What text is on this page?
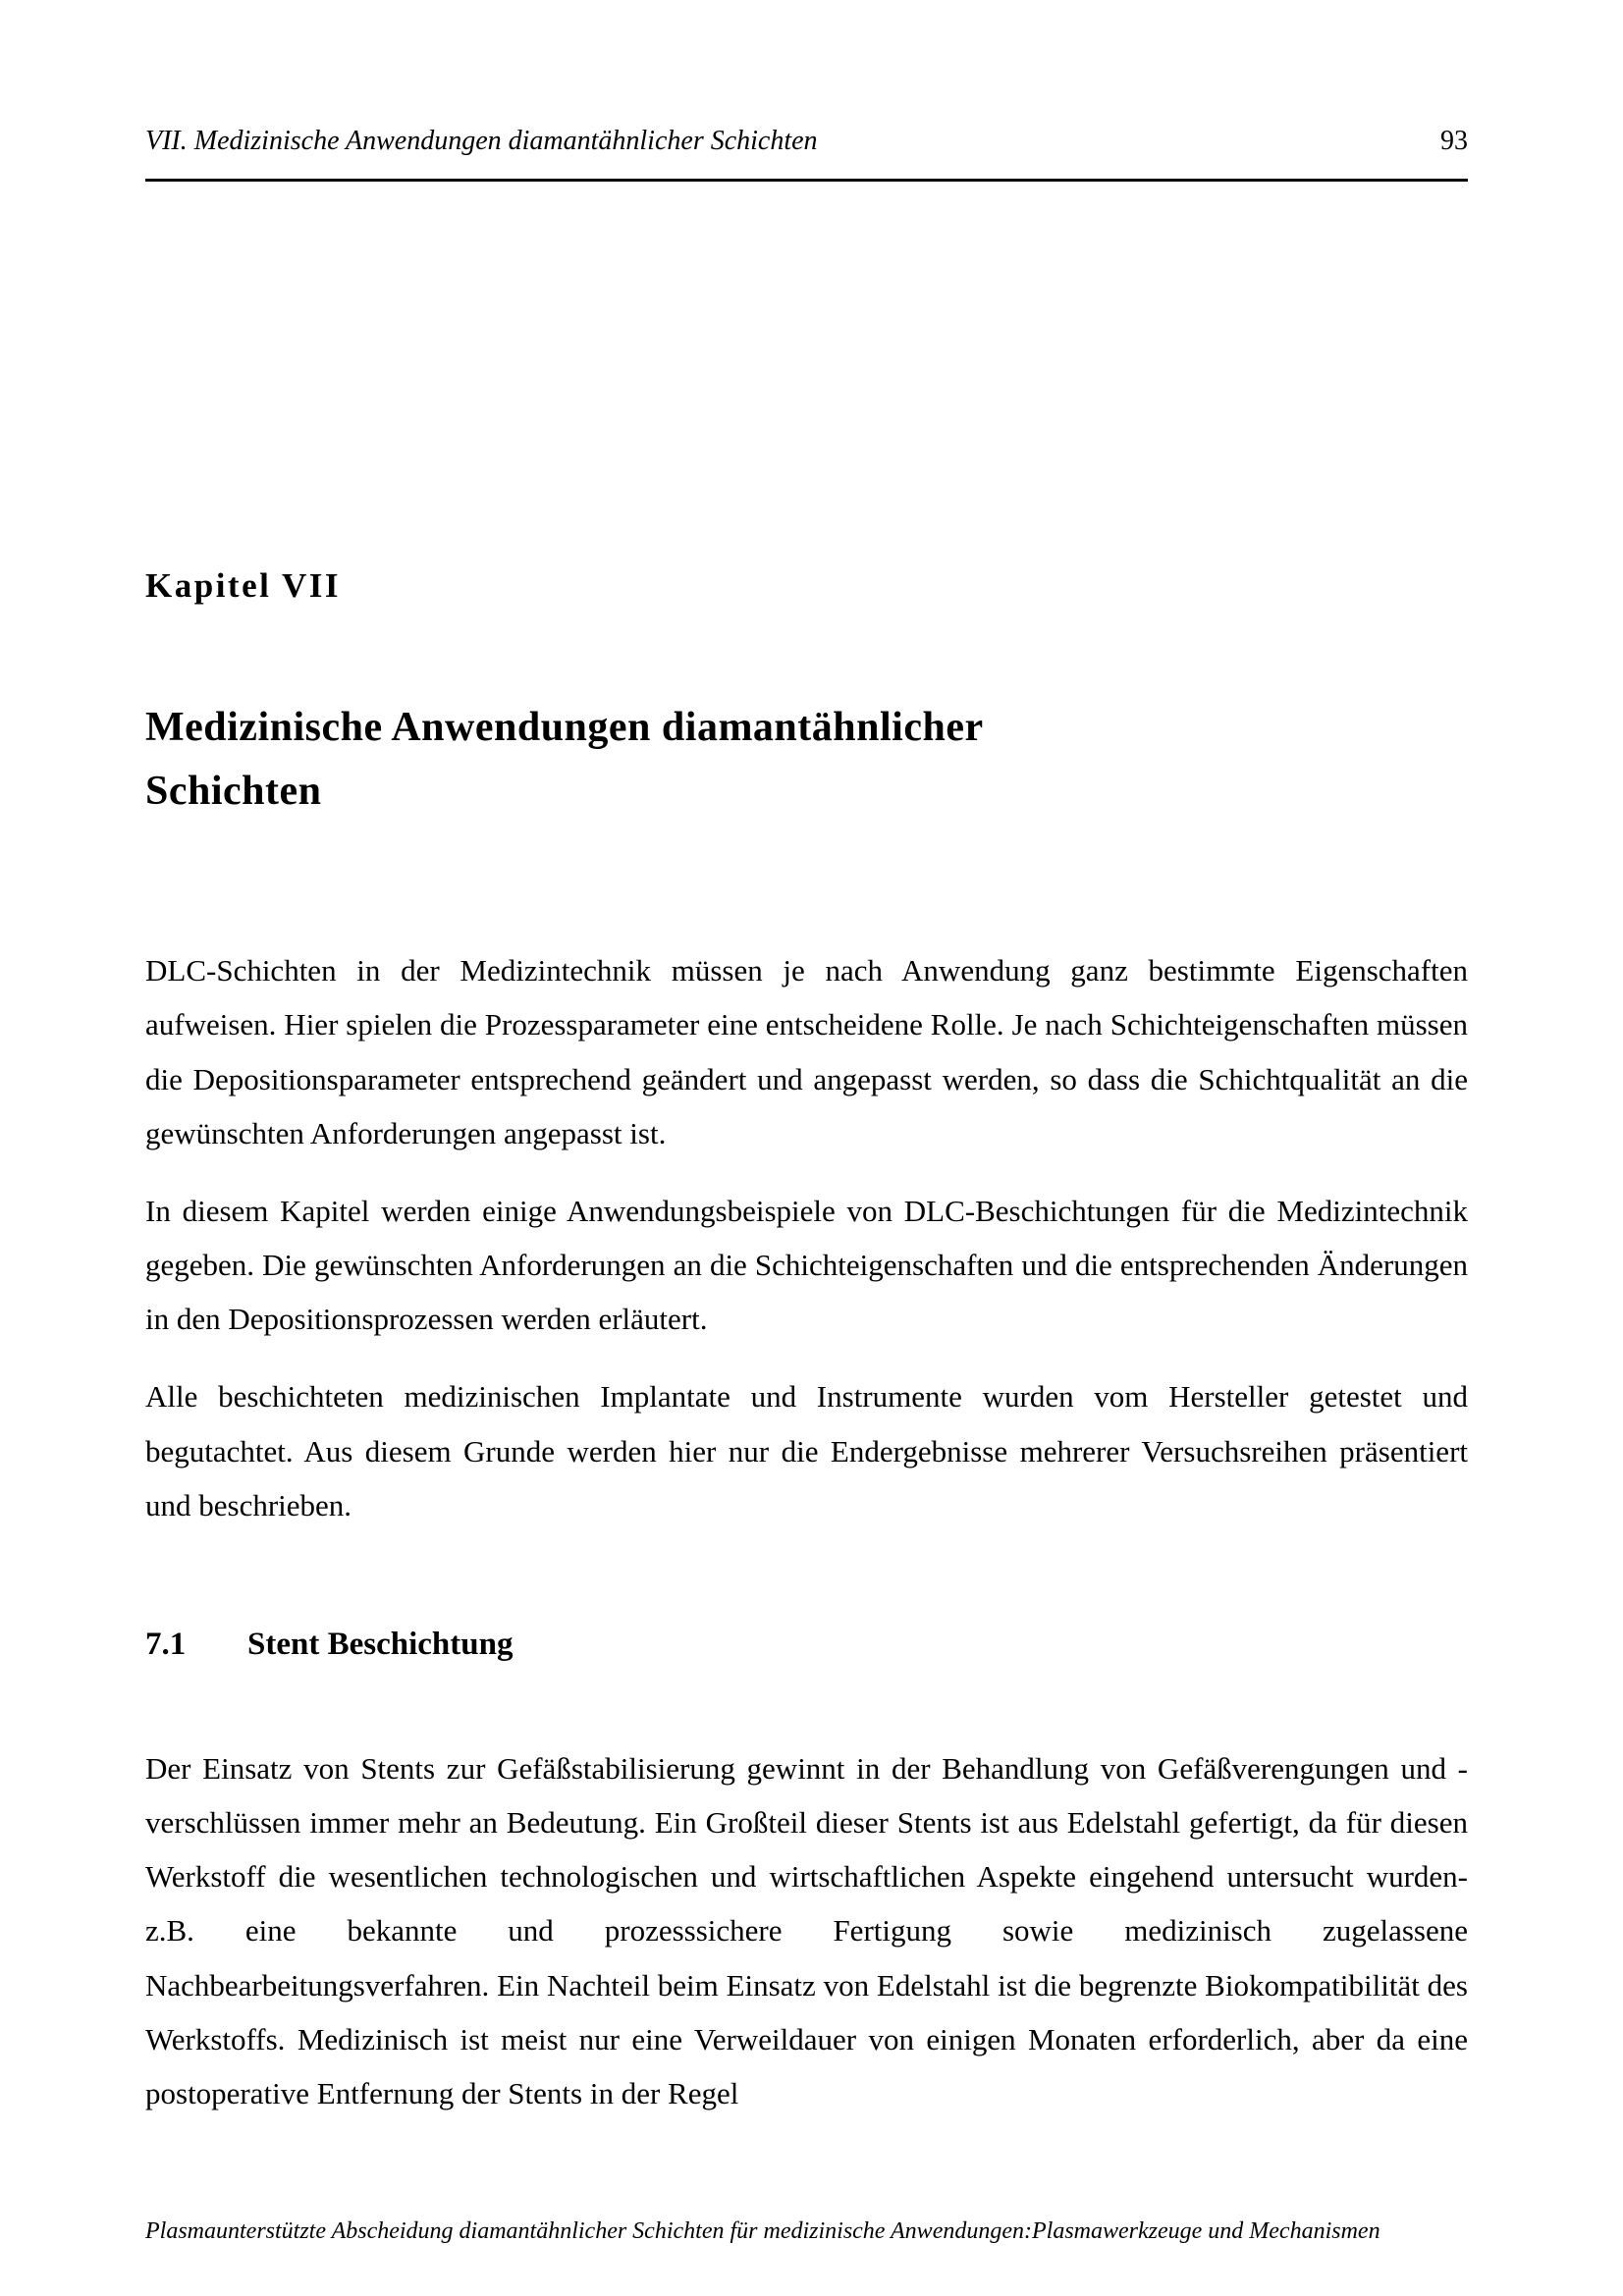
VII. Medizinische Anwendungen diamantähnlicher Schichten	93
Kapitel VII
Medizinische Anwendungen diamantähnlicher Schichten

DLC-Schichten in der Medizintechnik müssen je nach Anwendung ganz bestimmte Eigenschaften aufweisen. Hier spielen die Prozessparameter eine entscheidene Rolle. Je nach Schichteigenschaften müssen die Depositionsparameter entsprechend geändert und angepasst werden, so dass die Schichtqualität an die gewünschten Anforderungen angepasst ist.

In diesem Kapitel werden einige Anwendungsbeispiele von DLC-Beschichtungen für die Medizintechnik gegeben. Die gewünschten Anforderungen an die Schichteigenschaften und die entsprechenden Änderungen in den Depositionsprozessen werden erläutert.

Alle beschichteten medizinischen Implantate und Instrumente wurden vom Hersteller getestet und begutachtet. Aus diesem Grunde werden hier nur die Endergebnisse mehrerer Versuchsreihen präsentiert und beschrieben.

7.1	Stent Beschichtung

Der Einsatz von Stents zur Gefäßstabilisierung gewinnt in der Behandlung von Gefäßverengungen und -verschlüssen immer mehr an Bedeutung. Ein Großteil dieser Stents ist aus Edelstahl gefertigt, da für diesen Werkstoff die wesentlichen technologischen und wirtschaftlichen Aspekte eingehend untersucht wurden- z.B. eine bekannte und prozesssichere Fertigung sowie medizinisch zugelassene Nachbearbeitungsverfahren. Ein Nachteil beim Einsatz von Edelstahl ist die begrenzte Biokompatibilität des Werkstoffs. Medizinisch ist meist nur eine Verweildauer von einigen Monaten erforderlich, aber da eine postoperative Entfernung der Stents in der Regel

Plasmaunterstützte Abscheidung diamantähnlicher Schichten für medizinische Anwendungen:Plasmawerkzeuge und Mechanismen
